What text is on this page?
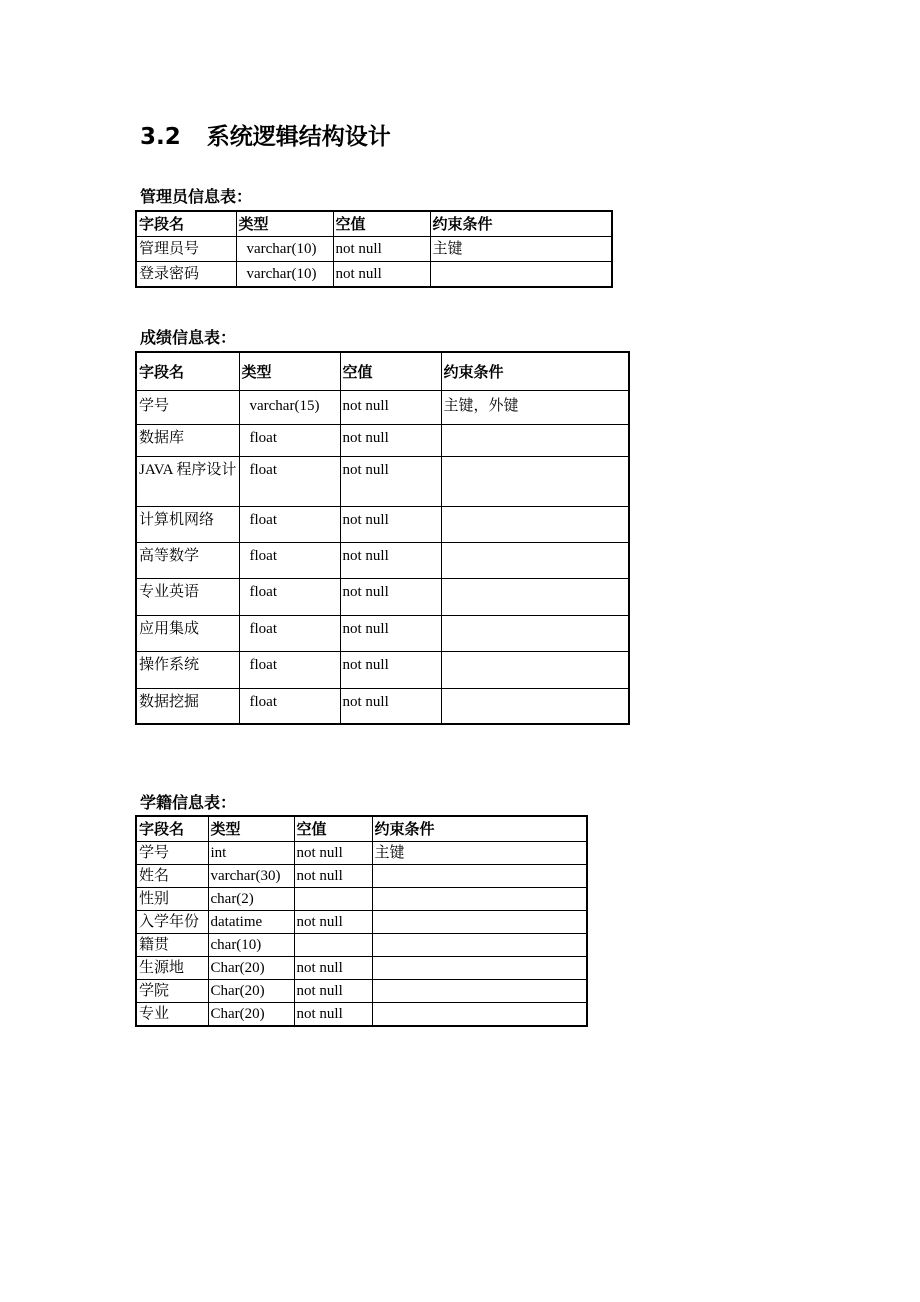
3.2 系统逻辑结构设计
管理员信息表：
字段名	类型	空值	约束条件
管理员号	varchar(10)	not null	主键
登录密码	varchar(10)	not null	
成绩信息表：
字段名	类型	空值	约束条件
学号	varchar(15)	not null	主键，外键
数据库	float	not null	
JAVA 程序设计	float	not null	
计算机网络	float	not null	
高等数学	float	not null	
专业英语	float	not null	
应用集成	float	not null	
操作系统	float	not null	
数据挖掘	float	not null	
学籍信息表：
字段名	类型	空值	约束条件
学号	int	not null	主键
姓名	varchar(30)	not null	
性别	char(2)		
入学年份	datatime	not null	
籍贯	char(10)		
生源地	Char(20)	not null	
学院	Char(20)	not null	
专业	Char(20)	not null	
